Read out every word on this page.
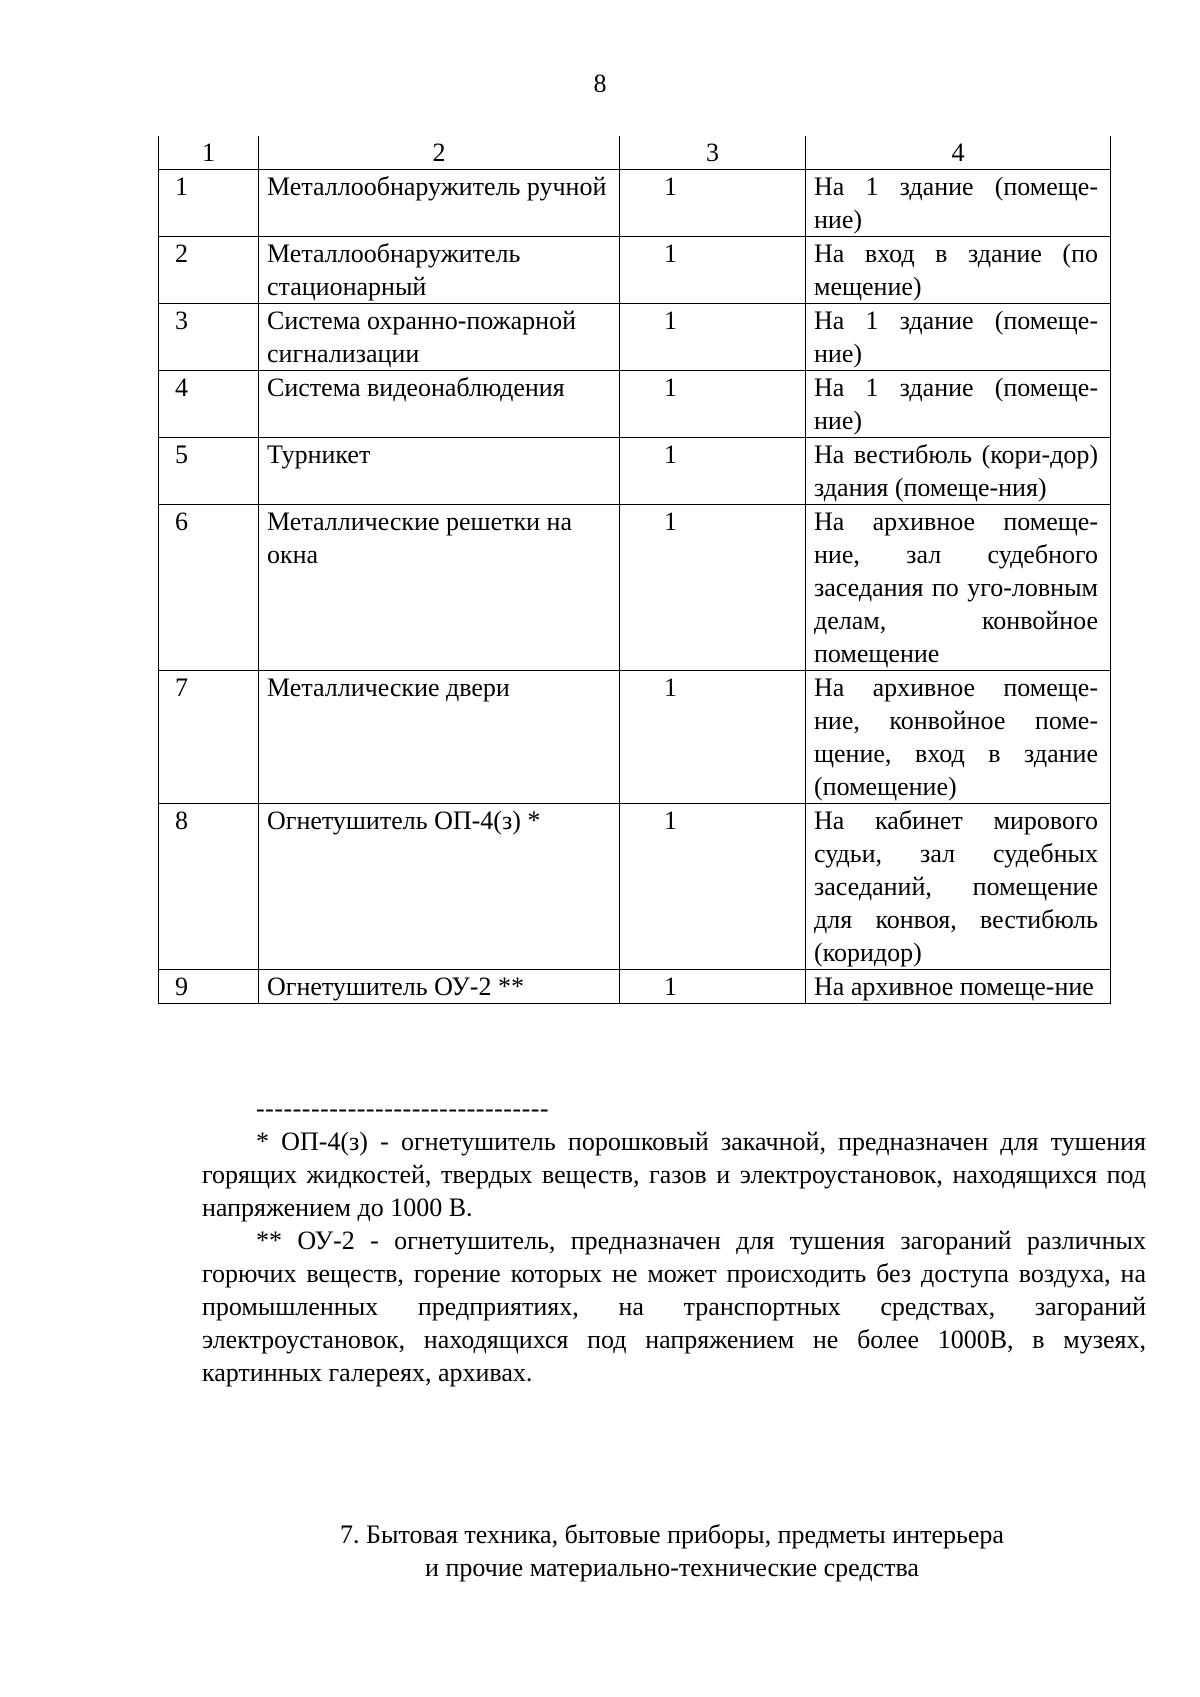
8
1	2	3	4
1	Металлообнаружитель ручной	1	На 1 здание (помеще-ние)
2	Металлообнаружитель стационарный	1	На вход в здание (по мещение)
3	Система охранно-пожарной сигнализации	1	На 1 здание (помеще-ние)
4	Система видеонаблюдения	1	На 1 здание (помеще-ние)
5	Турникет	1	На вестибюль (кори-дор) здания (помеще-ния)
6	Металлические решетки на окна	1	На архивное помеще-ние, зал судебного заседания по уго-ловным делам, конвойное помещение
7	Металлические двери	1	На архивное помеще-ние, конвойное поме-щение, вход в здание (помещение)
8	Огнетушитель ОП-4(з) *	1	На кабинет мирового судьи, зал судебных заседаний, помещение для конвоя, вестибюль (коридор)
9	Огнетушитель ОУ-2 **	1	На архивное помеще-ние
--------------------------------

* ОП-4(з) - огнетушитель порошковый закачной, предназначен для тушения горящих жидкостей, твердых веществ, газов и электроустановок, находящихся под напряжением до 1000 В.

** ОУ-2 - огнетушитель, предназначен для тушения загораний различных горючих веществ, горение которых не может происходить без доступа воздуха, на промышленных предприятиях, на транспортных средствах, загораний электроустановок, находящихся под напряжением не более 1000В, в музеях, картинных галереях, архивах.

7. Бытовая техника, бытовые приборы, предметы интерьера
и прочие материально-технические средства
